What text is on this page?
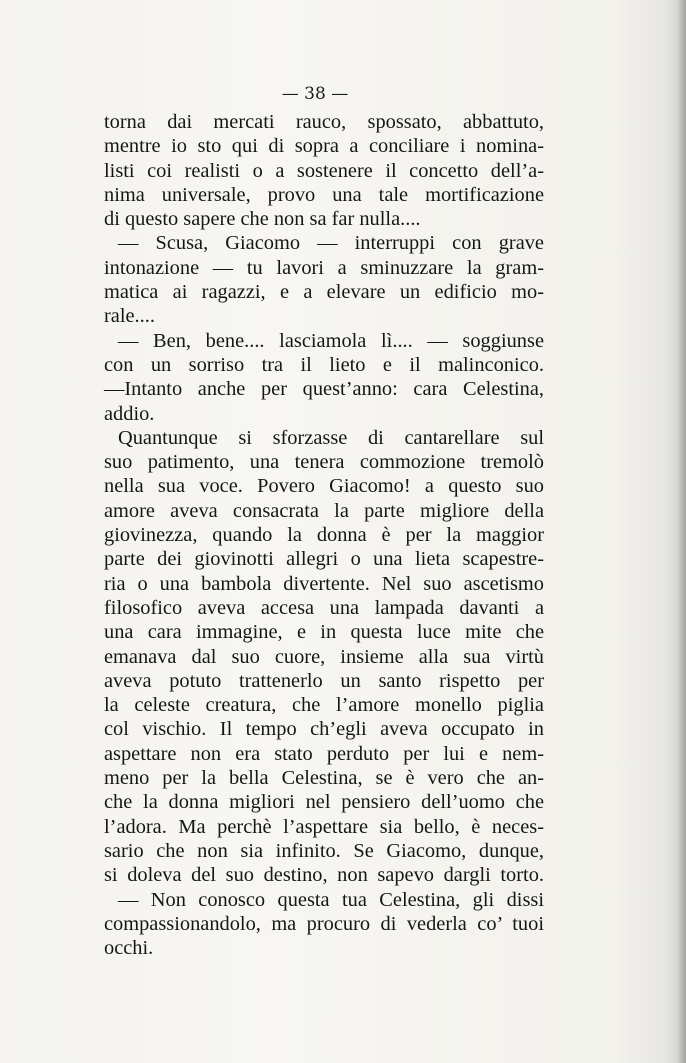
— 38 —
torna dai mercati rauco, spossato, abbattuto,
mentre io sto qui di sopra a conciliare i nomina-
listi coi realisti o a sostenere il concetto dell’a-
nima universale, provo una tale mortificazione
di questo sapere che non sa far nulla....
— Scusa, Giacomo — interruppi con grave
intonazione — tu lavori a sminuzzare la gram-
matica ai ragazzi, e a elevare un edificio mo-
rale....
— Ben, bene.... lasciamola lì.... — soggiunse
con un sorriso tra il lieto e il malinconico.
—Intanto anche per quest’anno: cara Celestina,
addio.
Quantunque si sforzasse di cantarellare sul
suo patimento, una tenera commozione tremolò
nella sua voce. Povero Giacomo! a questo suo
amore aveva consacrata la parte migliore della
giovinezza, quando la donna è per la maggior
parte dei giovinotti allegri o una lieta scapestre-
ria o una bambola divertente. Nel suo ascetismo
filosofico aveva accesa una lampada davanti a
una cara immagine, e in questa luce mite che
emanava dal suo cuore, insieme alla sua virtù
aveva potuto trattenerlo un santo rispetto per
la celeste creatura, che l’amore monello piglia
col vischio. Il tempo ch’egli aveva occupato in
aspettare non era stato perduto per lui e nem-
meno per la bella Celestina, se è vero che an-
che la donna migliori nel pensiero dell’uomo che
l’adora. Ma perchè l’aspettare sia bello, è neces-
sario che non sia infinito. Se Giacomo, dunque,
si doleva del suo destino, non sapevo dargli torto.
— Non conosco questa tua Celestina, gli dissi
compassionandolo, ma procuro di vederla co’ tuoi
occhi.
